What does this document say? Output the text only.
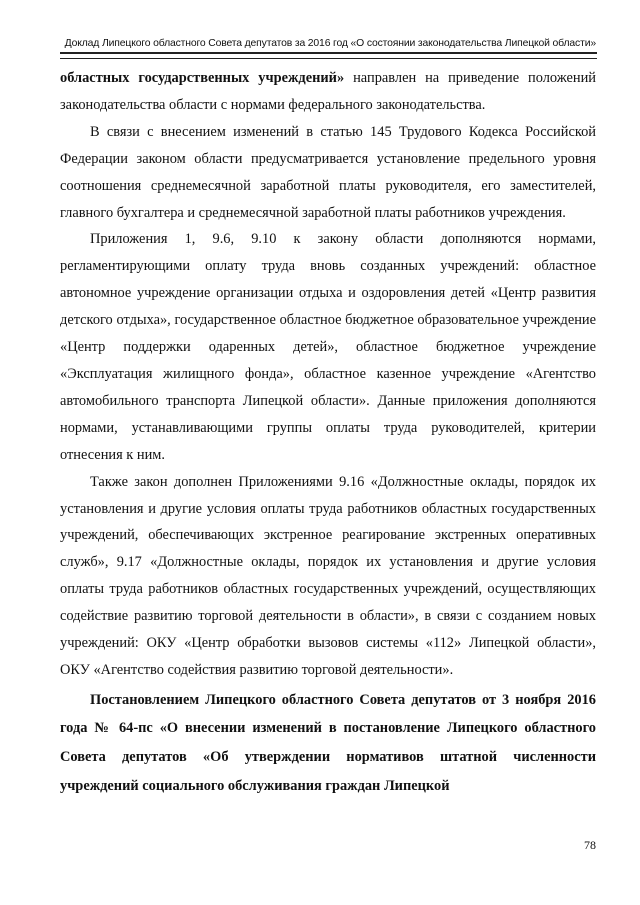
Доклад Липецкого областного Совета депутатов за 2016 год «О состоянии законодательства Липецкой области»

областных государственных учреждений» направлен на приведение положений законодательства области с нормами федерального законодательства.

В связи с внесением изменений в статью 145 Трудового Кодекса Российской Федерации законом области предусматривается установление предельного уровня соотношения среднемесячной заработной платы руководителя, его заместителей, главного бухгалтера и среднемесячной заработной платы работников учреждения.

Приложения 1, 9.6, 9.10 к закону области дополняются нормами, регламентирующими оплату труда вновь созданных учреждений: областное автономное учреждение организации отдыха и оздоровления детей «Центр развития детского отдыха», государственное областное бюджетное образовательное учреждение «Центр поддержки одаренных детей», областное бюджетное учреждение «Эксплуатация жилищного фонда», областное казенное учреждение «Агентство автомобильного транспорта Липецкой области». Данные приложения дополняются нормами, устанавливающими группы оплаты труда руководителей, критерии отнесения к ним.

Также закон дополнен Приложениями 9.16 «Должностные оклады, порядок их установления и другие условия оплаты труда работников областных государственных учреждений, обеспечивающих экстренное реагирование экстренных оперативных служб», 9.17 «Должностные оклады, порядок их установления и другие условия оплаты труда работников областных государственных учреждений, осуществляющих содействие развитию торговой деятельности в области», в связи с созданием новых учреждений: ОКУ «Центр обработки вызовов системы «112» Липецкой области», ОКУ «Агентство содействия развитию торговой деятельности».

Постановлением Липецкого областного Совета депутатов от 3 ноября 2016 года № 64-пс «О внесении изменений в постановление Липецкого областного Совета депутатов «Об утверждении нормативов штатной численности учреждений социального обслуживания граждан Липецкой

78
